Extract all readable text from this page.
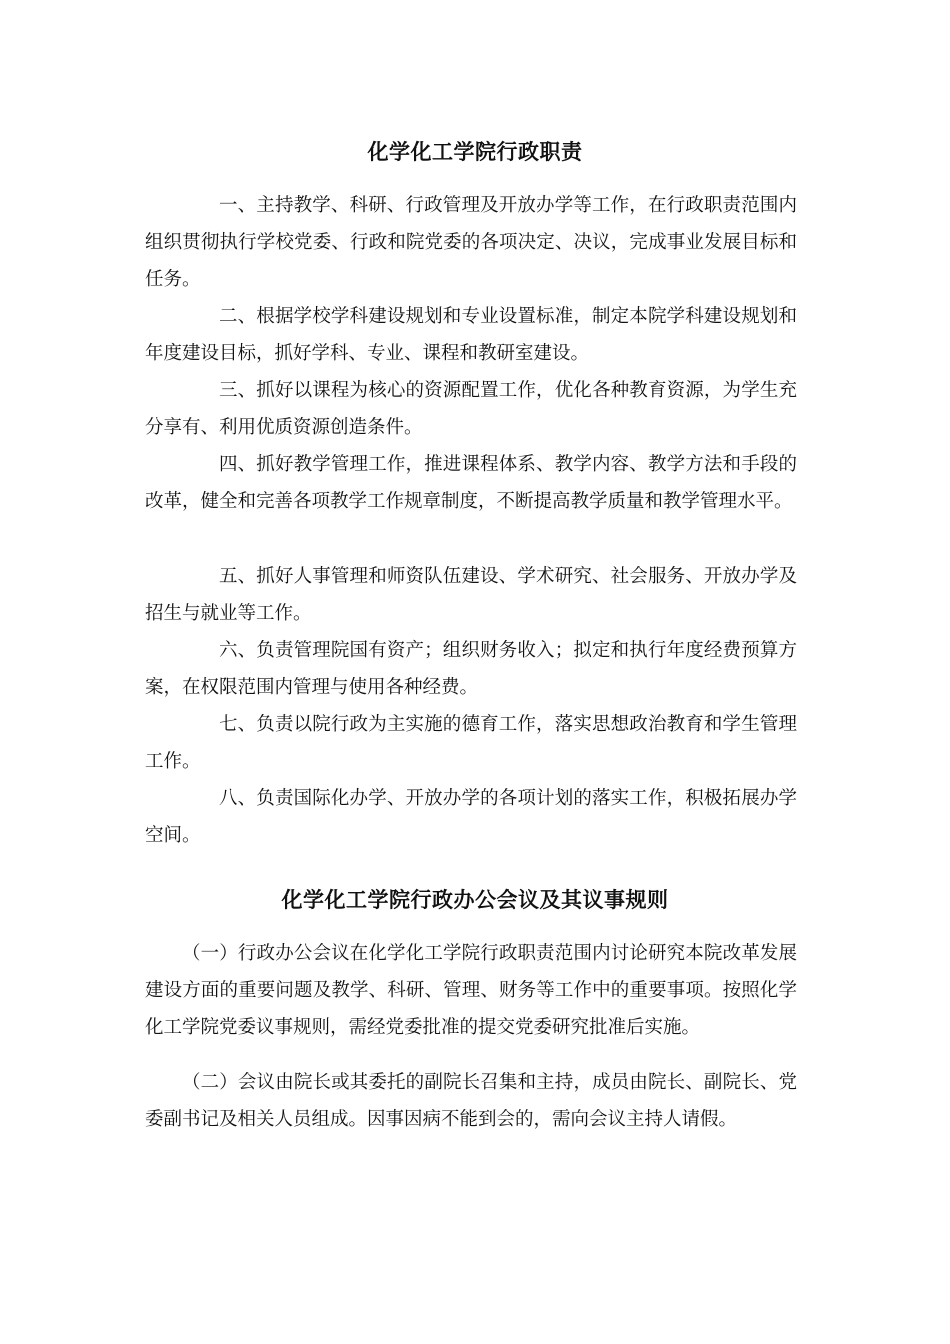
化学化工学院行政职责

一、主持教学、科研、行政管理及开放办学等工作，在行政职责范围内组织贯彻执行学校党委、行政和院党委的各项决定、决议，完成事业发展目标和任务。

二、根据学校学科建设规划和专业设置标准，制定本院学科建设规划和年度建设目标，抓好学科、专业、课程和教研室建设。

三、抓好以课程为核心的资源配置工作，优化各种教育资源，为学生充分享有、利用优质资源创造条件。

四、抓好教学管理工作，推进课程体系、教学内容、教学方法和手段的改革，健全和完善各项教学工作规章制度，不断提高教学质量和教学管理水平。

五、抓好人事管理和师资队伍建设、学术研究、社会服务、开放办学及招生与就业等工作。

六、负责管理院国有资产；组织财务收入；拟定和执行年度经费预算方案，在权限范围内管理与使用各种经费。

七、负责以院行政为主实施的德育工作，落实思想政治教育和学生管理工作。

八、负责国际化办学、开放办学的各项计划的落实工作，积极拓展办学空间。

化学化工学院行政办公会议及其议事规则

（一）行政办公会议在化学化工学院行政职责范围内讨论研究本院改革发展建设方面的重要问题及教学、科研、管理、财务等工作中的重要事项。按照化学化工学院党委议事规则，需经党委批准的提交党委研究批准后实施。

（二）会议由院长或其委托的副院长召集和主持，成员由院长、副院长、党委副书记及相关人员组成。因事因病不能到会的，需向会议主持人请假。
